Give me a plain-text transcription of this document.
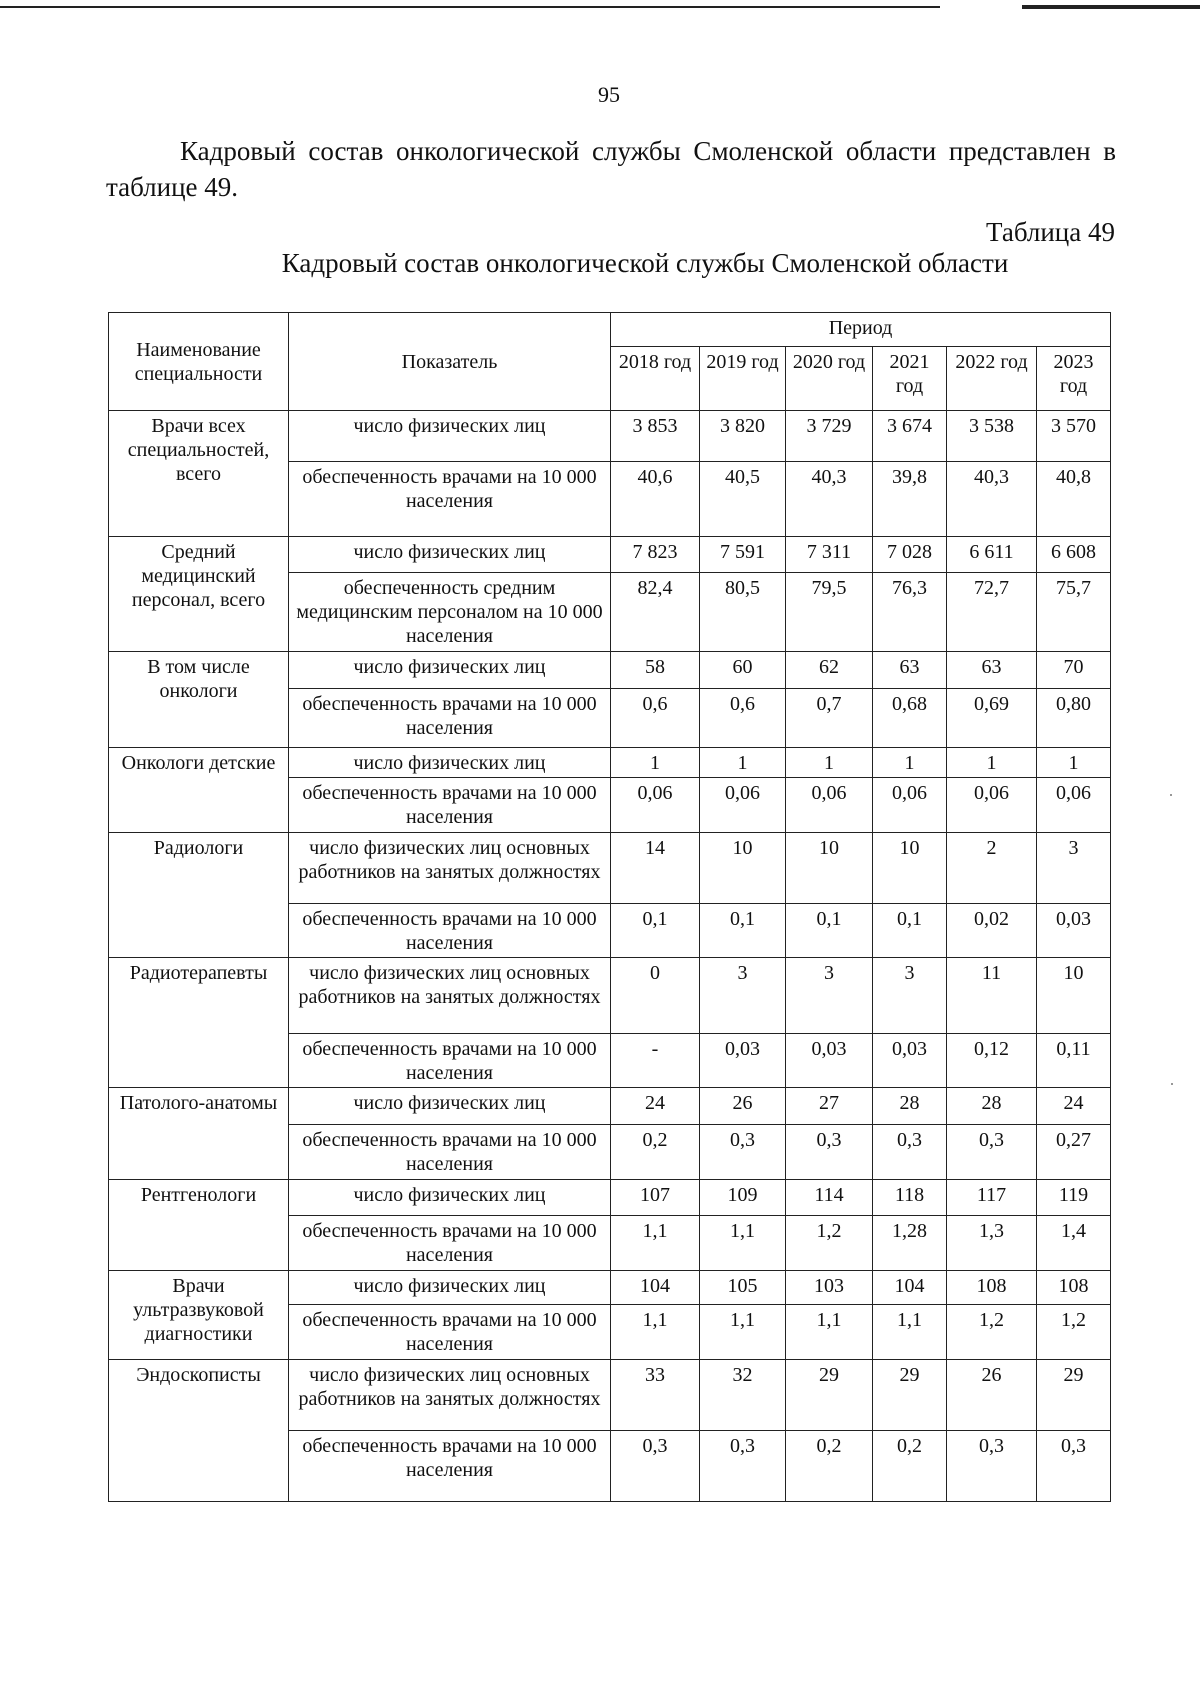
95
Кадровый состав онкологической службы Смоленской области представлен в таблице 49.
Таблица 49
Кадровый состав онкологической службы Смоленской области
Наименование специальности	Показатель	Период					
		2018 год	2019 год	2020 год	2021 год	2022 год	2023 год
Врачи всех специальностей, всего	число физических лиц	3 853	3 820	3 729	3 674	3 538	3 570
	обеспеченность врачами на 10 000 населения	40,6	40,5	40,3	39,8	40,3	40,8
Средний медицинский персонал, всего	число физических лиц	7 823	7 591	7 311	7 028	6 611	6 608
	обеспеченность средним медицинским персоналом на 10 000 населения	82,4	80,5	79,5	76,3	72,7	75,7
В том числе онкологи	число физических лиц	58	60	62	63	63	70
	обеспеченность врачами на 10 000 населения	0,6	0,6	0,7	0,68	0,69	0,80
Онкологи детские	число физических лиц	1	1	1	1	1	1
	обеспеченность врачами на 10 000 населения	0,06	0,06	0,06	0,06	0,06	0,06
Радиологи	число физических лиц основных работников на занятых должностях	14	10	10	10	2	3
	обеспеченность врачами на 10 000 населения	0,1	0,1	0,1	0,1	0,02	0,03
Радиотерапевты	число физических лиц основных работников на занятых должностях	0	3	3	3	11	10
	обеспеченность врачами на 10 000 населения	-	0,03	0,03	0,03	0,12	0,11
Патолого-анатомы	число физических лиц	24	26	27	28	28	24
	обеспеченность врачами на 10 000 населения	0,2	0,3	0,3	0,3	0,3	0,27
Рентгенологи	число физических лиц	107	109	114	118	117	119
	обеспеченность врачами на 10 000 населения	1,1	1,1	1,2	1,28	1,3	1,4
Врачи ультразвуковой диагностики	число физических лиц	104	105	103	104	108	108
	обеспеченность врачами на 10 000 населения	1,1	1,1	1,1	1,1	1,2	1,2
Эндоскописты	число физических лиц основных работников на занятых должностях	33	32	29	29	26	29
	обеспеченность врачами на 10 000 населения	0,3	0,3	0,2	0,2	0,3	0,3
